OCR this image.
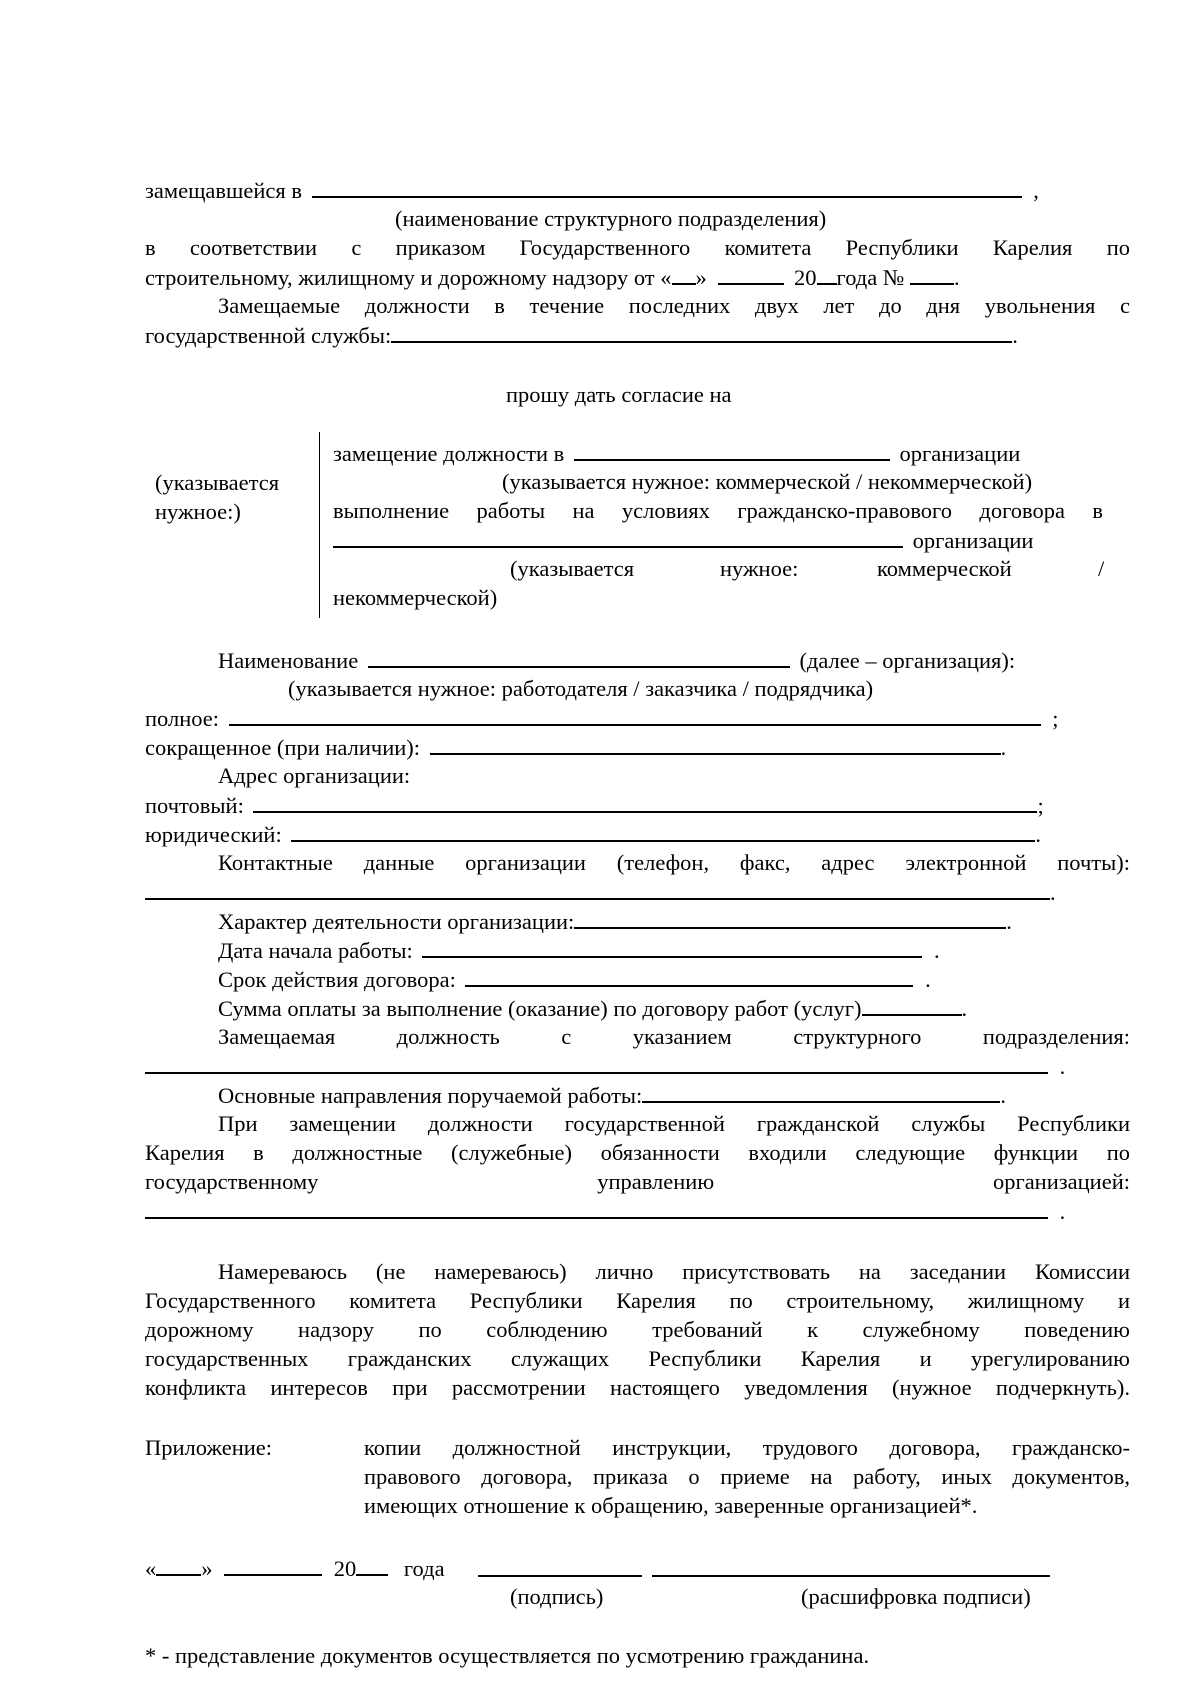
замещавшейся в	,
(наименование структурного подразделения)
в соответствии с приказом Государственного комитета Республики Карелия по
строительному, жилищному и дорожному надзору от « »	20 года № .
Замещаемые должности в течение последних двух лет до дня увольнения с
государственной службы:	.
прошу дать согласие на
(указывается
нужное:)
замещение должности в	организации
(указывается нужное: коммерческой / некоммерческой)
выполнение работы на условиях гражданско-правового договора в
организации
(указывается	нужное:	коммерческой	/
некоммерческой)
Наименование	(далее – организация):
(указывается нужное: работодателя / заказчика / подрядчика)
полное:	;
сокращенное (при наличии):	.
Адрес организации:
почтовый:	;
юридический:	.
Контактные данные организации (телефон, факс, адрес электронной почты):
.
Характер деятельности организации:	.
Дата начала работы:	.
Срок действия договора:	.
Сумма оплаты за выполнение (оказание) по договору работ (услуг)	.
Замещаемая должность с указанием структурного подразделения:
.
Основные направления поручаемой работы:	.
При замещении должности государственной гражданской службы Республики
Карелия в должностные (служебные) обязанности входили следующие функции по
государственному управлению организацией:
.
Намереваюсь (не намереваюсь) лично присутствовать на заседании Комиссии
Государственного комитета Республики Карелия по строительному, жилищному и
дорожному надзору по соблюдению требований к служебному поведению
государственных гражданских служащих Республики Карелия и урегулированию
конфликта интересов при рассмотрении настоящего уведомления (нужное подчеркнуть).
Приложение:	копии должностной инструкции, трудового договора, гражданско-
правового договора, приказа о приеме на работу, иных документов,
имеющих отношение к обращению, заверенные организацией*.
« »	20 года
(подпись)	(расшифровка подписи)
* - представление документов осуществляется по усмотрению гражданина.
